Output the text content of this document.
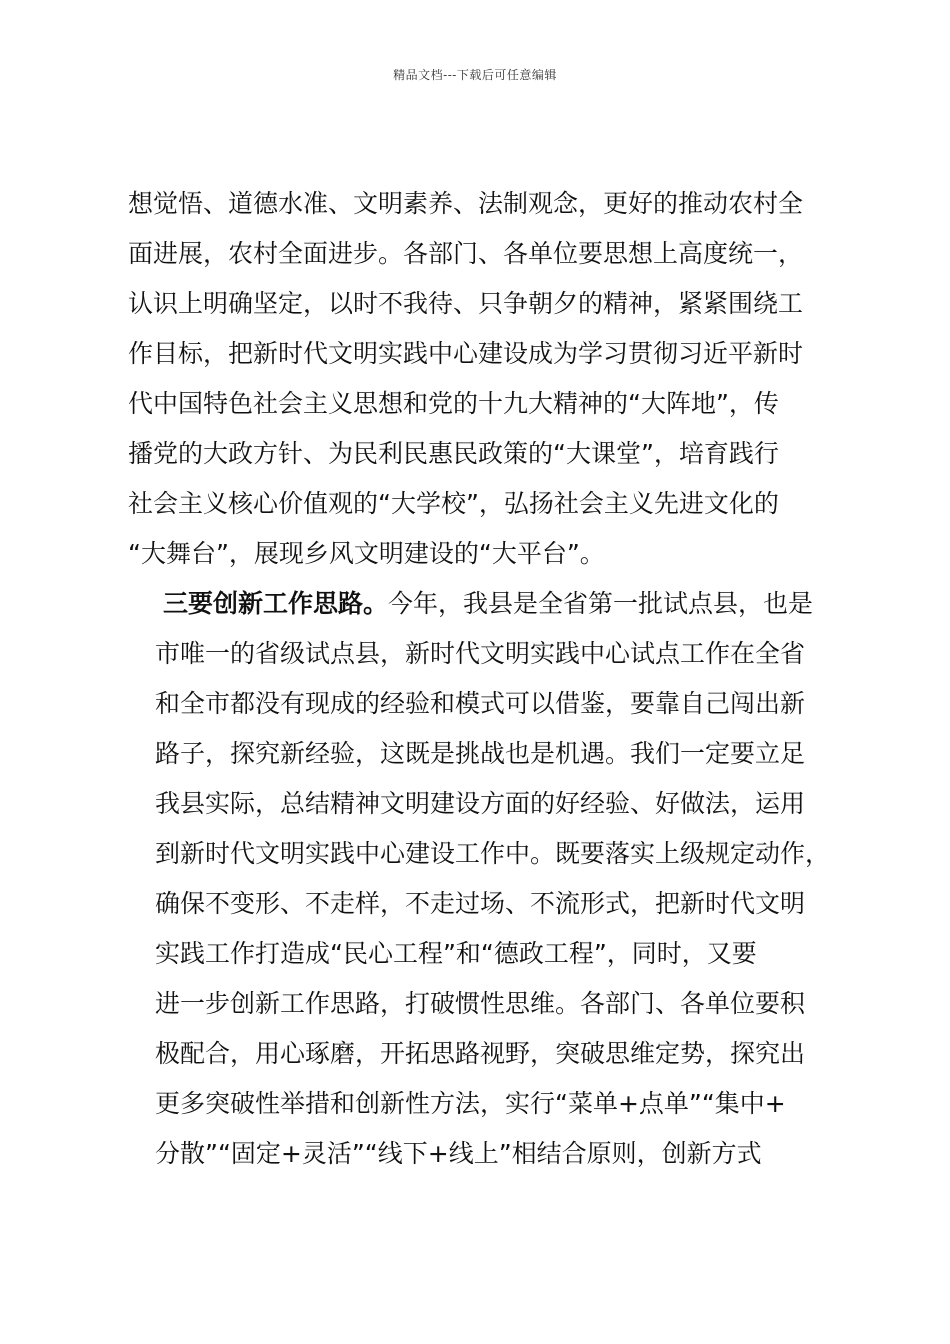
精品文档---下载后可任意编辑
想觉悟、道德水准、文明素养、法制观念，更好的推动农村全
面进展，农村全面进步。各部门、各单位要思想上高度统一，
认识上明确坚定，以时不我待、只争朝夕的精神，紧紧围绕工
作目标，把新时代文明实践中心建设成为学习贯彻习近平新时
代中国特色社会主义思想和党的十九大精神的“大阵地”，传
播党的大政方针、为民利民惠民政策的“大课堂”，培育践行
社会主义核心价值观的“大学校”，弘扬社会主义先进文化的
“大舞台”，展现乡风文明建设的“大平台”。
三要创新工作思路。今年，我县是全省第一批试点县，也是
市唯一的省级试点县，新时代文明实践中心试点工作在全省
和全市都没有现成的经验和模式可以借鉴，要靠自己闯出新
路子，探究新经验，这既是挑战也是机遇。我们一定要立足
我县实际，总结精神文明建设方面的好经验、好做法，运用
到新时代文明实践中心建设工作中。既要落实上级规定动作，
确保不变形、不走样，不走过场、不流形式，把新时代文明
实践工作打造成“民心工程”和“德政工程”，同时，又要
进一步创新工作思路，打破惯性思维。各部门、各单位要积
极配合，用心琢磨，开拓思路视野，突破思维定势，探究出
更多突破性举措和创新性方法，实行“菜单+点单”“集中+
分散”“固定+灵活”“线下+线上”相结合原则，创新方式
